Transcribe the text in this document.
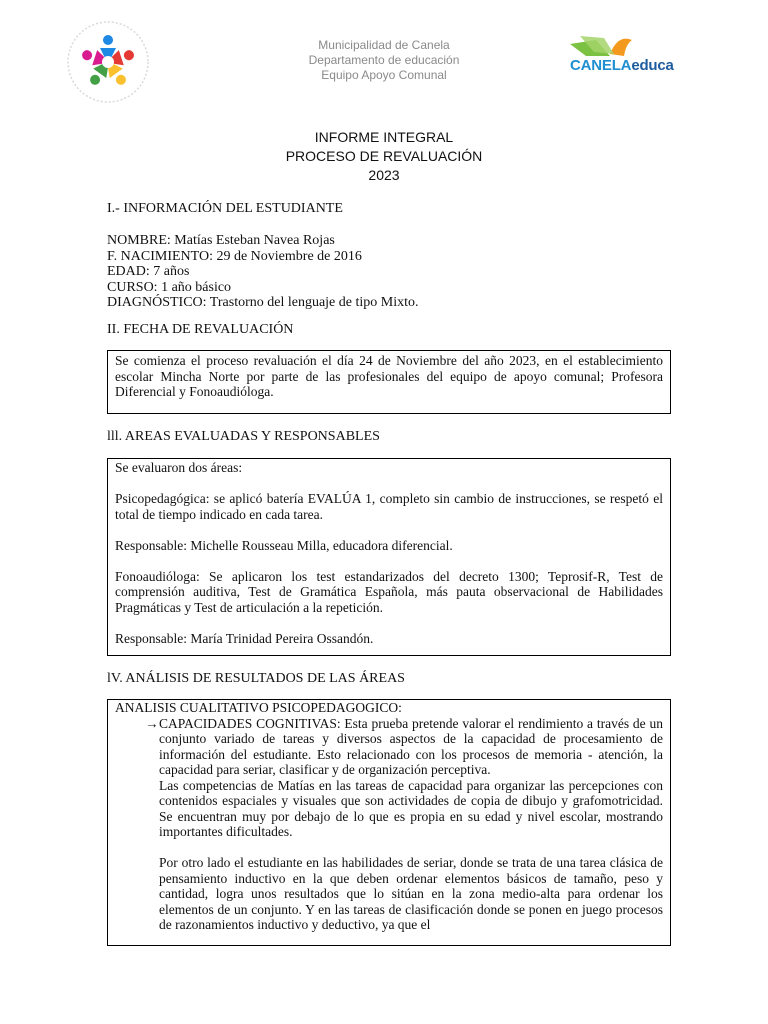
Municipalidad de Canela
Departamento de educación
Equipo Apoyo Comunal
CANELAeduca
INFORME INTEGRAL
PROCESO DE REVALUACIÓN
2023
I.- INFORMACIÓN DEL ESTUDIANTE
NOMBRE: Matías Esteban Navea Rojas
F. NACIMIENTO: 29 de Noviembre de 2016
EDAD: 7 años
CURSO: 1 año básico
DIAGNÓSTICO: Trastorno del lenguaje de tipo Mixto.
II. FECHA DE REVALUACIÓN

Se comienza el proceso revaluación el día 24 de Noviembre del año 2023, en el establecimiento escolar Mincha Norte por parte de las profesionales del equipo de apoyo comunal; Profesora Diferencial y Fonoaudióloga.

lll. AREAS EVALUADAS Y RESPONSABLES

Se evaluaron dos áreas:

Psicopedagógica: se aplicó batería EVALÚA 1, completo sin cambio de instrucciones, se respetó el total de tiempo indicado en cada tarea.

Responsable: Michelle Rousseau Milla, educadora diferencial.

Fonoaudióloga: Se aplicaron los test estandarizados del decreto 1300; Teprosif-R, Test de comprensión auditiva, Test de Gramática Española, más pauta observacional de Habilidades Pragmáticas y Test de articulación a la repetición.

Responsable: María Trinidad Pereira Ossandón.

lV. ANÁLISIS DE RESULTADOS DE LAS ÁREAS
ANALISIS CUALITATIVO PSICOPEDAGOGICO:
→ CAPACIDADES COGNITIVAS: Esta prueba pretende valorar el rendimiento a través de un conjunto variado de tareas y diversos aspectos de la capacidad de procesamiento de información del estudiante. Esto relacionado con los procesos de memoria - atención, la capacidad para seriar, clasificar y de organización perceptiva.

Las competencias de Matías en las tareas de capacidad para organizar las percepciones con contenidos espaciales y visuales que son actividades de copia de dibujo y grafomotricidad. Se encuentran muy por debajo de lo que es propia en su edad y nivel escolar, mostrando importantes dificultades.

Por otro lado el estudiante en las habilidades de seriar, donde se trata de una tarea clásica de pensamiento inductivo en la que deben ordenar elementos básicos de tamaño, peso y cantidad, logra unos resultados que lo sitúan en la zona medio-alta para ordenar los elementos de un conjunto. Y en las tareas de clasificación donde se ponen en juego procesos de razonamientos inductivo y deductivo, ya que el
